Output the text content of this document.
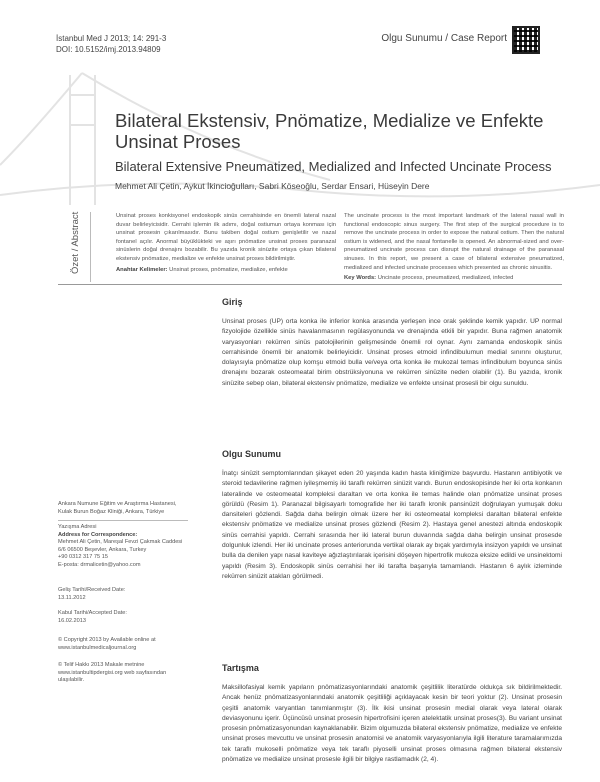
İstanbul Med J 2013; 14: 291-3
DOI: 10.5152/imj.2013.94809
Olgu Sunumu / Case Report
Bilateral Ekstensiv, Pnömatize, Medialize ve Enfekte Unsinat Proses
Bilateral Extensive Pneumatized, Medialized and Infected Uncinate Process
Mehmet Ali Çetin, Aykut İkincioğulları, Sabri Köseoğlu, Serdar Ensari, Hüseyin Dere
Özet / Abstract	Unsinat proses konkisyonel endoskopik sinüs cerrahisinde en önemli lateral nazal duvar belirleyicisidir. Cerrahi işlemin ilk adımı, doğal ostiumun ortaya konması için unsinat prosesin çıkarılmasıdır. Bunu takiben doğal ostium genişletilir ve nazal fontanel açılır. Anormal büyüklükteki ve aşırı pnömatize unsinat proses paranazal sinüslerin doğal drenajını bozabilir. Bu yazıda kronik sinüzite ortaya çıkan bilateral ekstensiv pnömatize, medialize ve enfekte unsinat proses bildirilmiştir.
Anahtar Kelimeler: Unsinat proses, pnömatize, medialize, enfekte
The uncinate process is the most important landmark of the lateral nasal wall in functional endoscopic sinus surgery. The first step of the surgical procedure is to remove the uncinate process in order to expose the natural ostium. Then the natural ostium is widened, and the nasal fontanelle is opened. An abnormal-sized and over-pneumatized uncinate process can disrupt the natural drainage of the paranasal sinuses. In this report, we present a case of bilateral extensive pneumatized, medialized and infected uncinate processes which presented as chronic sinusitis.
Key Words: Uncinate process, pneumatized, medialized, infected
Giriş
Unsinat proses (UP) orta konka ile inferior konka arasında yerleşen ince orak şeklinde kemik yapıdır. UP normal fizyolojide özellikle sinüs havalanmasının regülasyonunda ve drenajında etkili bir yapıdır. Buna rağmen anatomik varyasyonları rekürren sinüs patolojilerinin gelişmesinde önemli rol oynar. Aynı zamanda endoskopik sinüs cerrahisinde önemli bir anatomik belirleyicidir. Unsinat proses etmoid infindibulumun medial sınırını oluşturur, dolayısıyla pnömatize olup komşu etmoid bulla ve/veya orta konka ile mukozal temas infindibulum boyunca sinüs drenajını bozarak osteomeatal birim obstrüksiyonuna ve rekürren sinüzite neden olabilir (1). Bu yazıda, kronik sinüzite sebep olan, bilateral ekstensiv pnömatize, medialize ve enfekte unsinat prosesli bir olgu sunuldu.
Olgu Sunumu
İnatçı sinüzit semptomlarından şikayet eden 20 yaşında kadın hasta kliniğimize başvurdu. Hastanın antibiyotik ve steroid tedavilerine rağmen iyileşmemiş iki taraflı rekürren sinüzit varıdı. Burun endoskopisinde her iki orta konkanın lateralinde ve osteomeatal kompleksi daraltan ve orta konka ile temas halinde olan pnömatize unsinat proses görüldü (Resim 1). Paranazal bilgisayarlı tomografide her iki taraflı kronik pansinüzit doğrulayan yumuşak doku dansiteleri gözlendi. Sağda daha belirgin olmak üzere her iki osteomeatal kompleksi daraltan bilateral enfekte ekstensiv pnömatize ve medialize unsinat proses gözlendi (Resim 2). Hastaya genel anestezi altında endoskopik sinüs cerrahisi yapıldı. Cerrahi sırasında her iki lateral burun duvarında sağda daha belirgin unsinat prosesde dolgunluk izlendi. Her iki uncinate proses anteriorunda vertikal olarak ay bıçak yardımıyla insizyon yapıldı ve unsinat bulla da denilen yapı nasal kaviteye ağızlaştırılarak içerisini döşeyen hipertrofik mukoza eksize edildi ve unsinektomi yapıldı (Resim 3). Endoskopik sinüs cerrahisi her iki tarafta başarıyla tamamlandı. Hastanın 6 aylık izleminde rekürren sinüzit atakları görülmedi.
Tartışma
Maksillofasiyal kemik yapıların pnömatizasyonlarındaki anatomik çeşitlilik literatürde oldukça sık bildirilmektedir. Ancak henüz pnömatizasyonlarındaki anatomik çeşitliliği açıklayacak kesin bir teori yoktur (2). Unsinat prosesin çeşitli anatomik varyantları tanımlanmıştır (3). İlk ikisi unsinat prosesin medial olarak veya lateral olarak deviasyonunu içerir. Üçüncüsü unsinat prosesin hipertrofisini içeren atelektatik unsinat proses(3). Bu variant unsinat prosesin pnömatizasyonundan kaynaklanabilir. Bizim olgumuzda bilateral ekstensiv pnömatize, medialize ve enfekte unsinat proses mevcuttu ve unsinat prosesin anatomisi ve anatomik varyasyonlarıyla ilgili literature taramalarımızda tek taraflı mukoselli pnömatize veya tek taraflı piyoselli unsinat proses olmasına rağmen bilateral ekstensiv pnömatize ve medialize unsinat prosesle ilgili bir bilgiye rastlamadık (2, 4).
Ankara Numune Eğitim ve Araştırma Hastanesi, Kulak Burun Boğaz Kliniği, Ankara, Türkiye
Yazışma Adresi
Address for Correspondence:
Mehmet Ali Çetin, Mareşal Fevzi Çakmak Caddesi 6/6 06500 Beşevler, Ankara, Turkey
+90 0312 317 75 15
E-posta: drmalicetin@yahoo.com
Geliş Tarihi/Received Date:
13.11.2012
Kabul Tarihi/Accepted Date:
16.02.2013
© Copyright 2013 by Available online at
www.istanbulmedicaljournal.org
© Telif Hakkı 2013 Makale metnine
www.istanbultipdergisi.org web sayfasından
ulaşılabilir.
